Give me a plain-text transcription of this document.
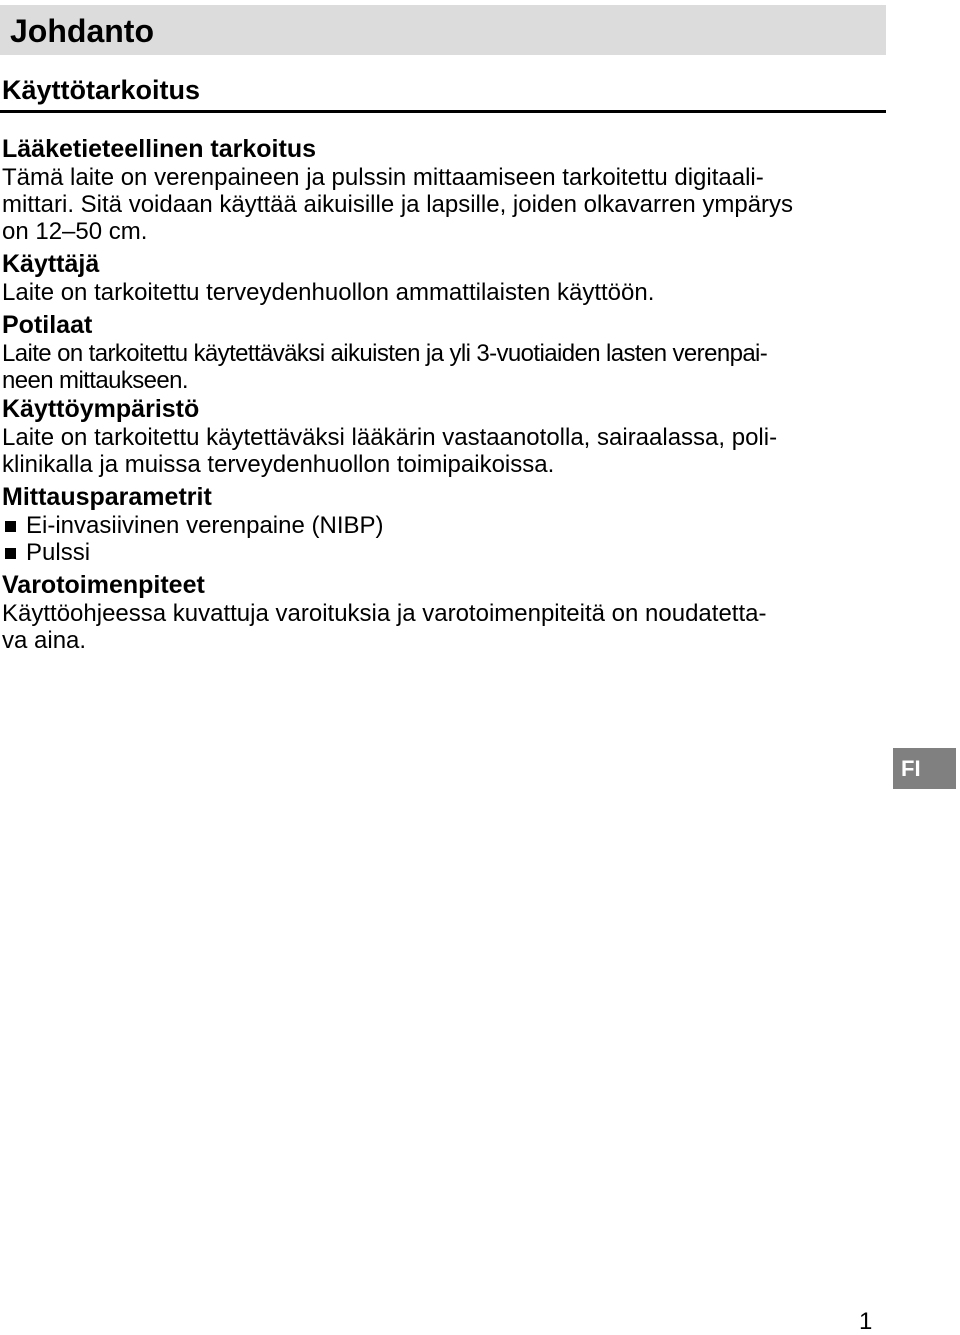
Johdanto
Käyttötarkoitus
Lääketieteellinen tarkoitus

Tämä laite on verenpaineen ja pulssin mittaamiseen tarkoitettu digitaali-
mittari. Sitä voidaan käyttää aikuisille ja lapsille, joiden olkavarren ympärys
on 12–50 cm.

Käyttäjä

Laite on tarkoitettu terveydenhuollon ammattilaisten käyttöön.

Potilaat

Laite on tarkoitettu käytettäväksi aikuisten ja yli 3-vuotiaiden lasten verenpai-
neen mittaukseen.

Käyttöympäristö

Laite on tarkoitettu käytettäväksi lääkärin vastaanotolla, sairaalassa, poli-
klinikalla ja muissa terveydenhuollon toimipaikoissa.

Mittausparametrit
Ei-invasiivinen verenpaine (NIBP)
Pulssi
Varotoimenpiteet

Käyttöohjeessa kuvattuja varoituksia ja varotoimenpiteitä on noudatetta-
va aina.

FI
1
